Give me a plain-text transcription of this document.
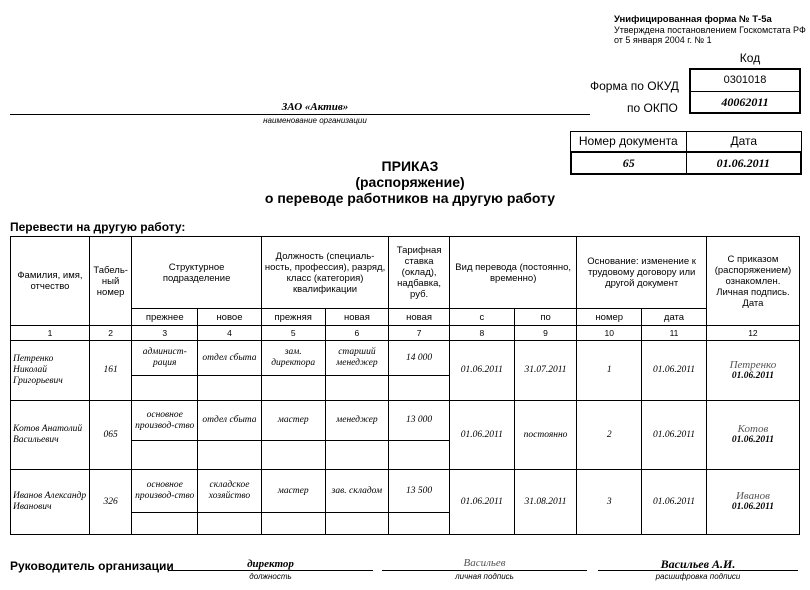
Унифицированная форма № Т-5а
Утверждена постановлением Госкомстата РФ
от 5 января 2004 г. № 1
Код
0301018
40062011
Форма по ОКУД
по ОКПО
ЗАО «Актив»
наименование организации
Номер документа	Дата
65	01.06.2011
ПРИКАЗ
(распоряжение)
о переводе работников на другую работу
Перевести на другую работу:
Фамилия, имя, отчество	Табель-ный номер	Структурное подразделение		Должность (специаль-ность, профессия), разряд, класс (категория) квалификации		Тарифная ставка (оклад), надбавка, руб.	Вид перевода (постоянно, временно)		Основание: изменение к трудовому договору или другой документ		С приказом (распоряжением) ознакомлен. Личная подпись. Дата
		прежнее	новое	прежняя	новая	новая	с	по	номер	дата	
1	2	3	4	5	6	7	8	9	10	11	12
Петренко Николай Григорьевич	161	админист-рация	отдел сбыта	зам. директора	старший менеджер	14 000	01.06.2011	31.07.2011	1	01.06.2011	Петренко
01.06.2011

Котов Анатолий Васильевич	065	основное производ-ство	отдел сбыта	мастер	менеджер	13 000	01.06.2011	постоянно	2	01.06.2011	Котов
01.06.2011

Иванов Александр Иванович	326	основное производ-ство	складское хозяйство	мастер	зав. складом	13 500	01.06.2011	31.08.2011	3	01.06.2011	Иванов
01.06.2011

Руководитель организации	директор
должность
Васильев
личная подпись
Васильев А.И.
расшифровка подписи
